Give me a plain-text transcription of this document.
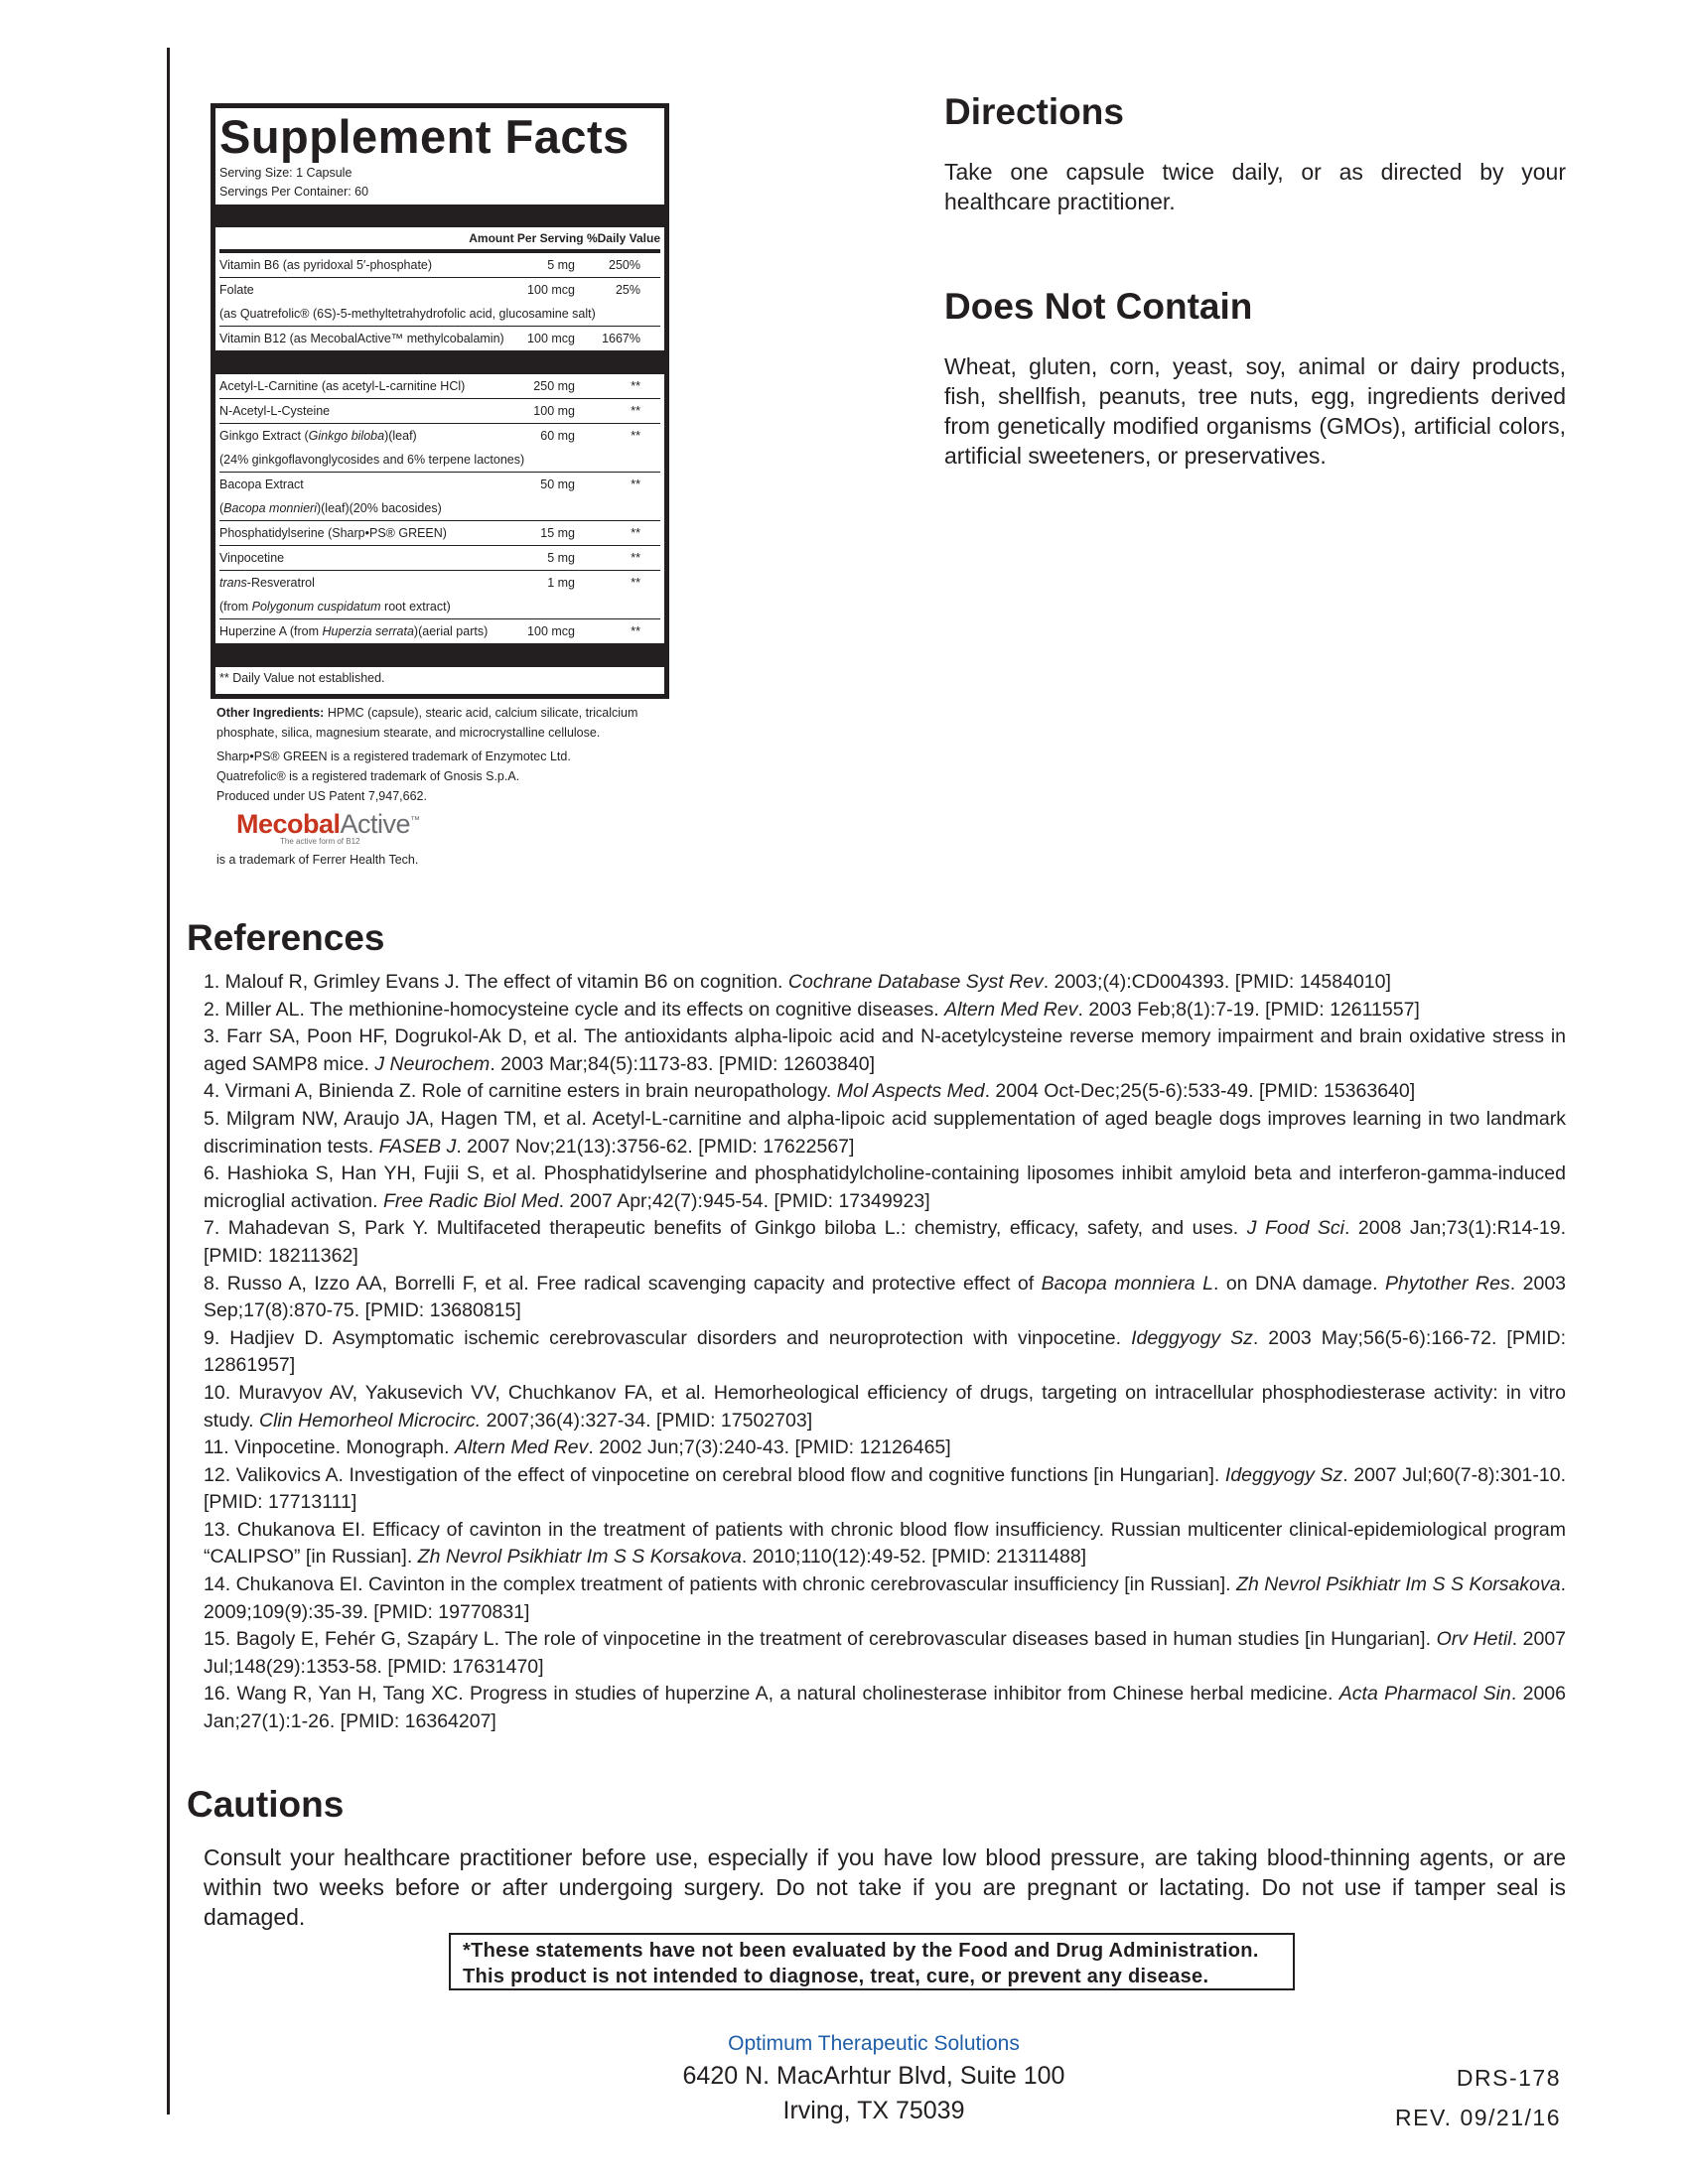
Supplement Facts
Serving Size: 1 Capsule
Servings Per Container: 60
Amount Per Serving %Daily Value
Vitamin B6 (as pyridoxal 5′-phosphate)	5 mg	250%
Folate	100 mcg	25%
(as Quatrefolic® (6S)-5-methyltetrahydrofolic acid, glucosamine salt)
Vitamin B12 (as MecobalActive™ methylcobalamin) 100 mcg 1667%
Acetyl-L-Carnitine (as acetyl-L-carnitine HCl)	250 mg	**
N-Acetyl-L-Cysteine	100 mg	**
Ginkgo Extract (Ginkgo biloba)(leaf)	60 mg	**
(24% ginkgoflavonglycosides and 6% terpene lactones)
Bacopa Extract	50 mg	**
(Bacopa monnieri)(leaf)(20% bacosides)
Phosphatidylserine (Sharp•PS® GREEN)	15 mg	**
Vinpocetine	5 mg	**
trans-Resveratrol	1 mg	**
(from Polygonum cuspidatum root extract)
Huperzine A (from Huperzia serrata)(aerial parts)	100 mcg	**
** Daily Value not established.
Other Ingredients: HPMC (capsule), stearic acid, calcium silicate, tricalcium phosphate, silica, magnesium stearate, and microcrystalline cellulose.
Sharp•PS® GREEN is a registered trademark of Enzymotec Ltd.
Quatrefolic® is a registered trademark of Gnosis S.p.A.
Produced under US Patent 7,947,662.
MecobalActive™
The active form of B12
is a trademark of Ferrer Health Tech.
Directions
Take one capsule twice daily, or as directed by your healthcare practitioner.
Does Not Contain
Wheat, gluten, corn, yeast, soy, animal or dairy products, fish, shellfish, peanuts, tree nuts, egg, ingredients derived from genetically modified organisms (GMOs), artificial colors, artificial sweeteners, or preservatives.
References
1. Malouf R, Grimley Evans J. The effect of vitamin B6 on cognition. Cochrane Database Syst Rev. 2003;(4):CD004393. [PMID: 14584010]
2. Miller AL. The methionine-homocysteine cycle and its effects on cognitive diseases. Altern Med Rev. 2003 Feb;8(1):7-19. [PMID: 12611557]
3. Farr SA, Poon HF, Dogrukol-Ak D, et al. The antioxidants alpha-lipoic acid and N-acetylcysteine reverse memory impairment and brain oxidative stress in aged SAMP8 mice. J Neurochem. 2003 Mar;84(5):1173-83. [PMID: 12603840]
4. Virmani A, Binienda Z. Role of carnitine esters in brain neuropathology. Mol Aspects Med. 2004 Oct-Dec;25(5-6):533-49. [PMID: 15363640]
5. Milgram NW, Araujo JA, Hagen TM, et al. Acetyl-L-carnitine and alpha-lipoic acid supplementation of aged beagle dogs improves learning in two landmark discrimination tests. FASEB J. 2007 Nov;21(13):3756-62. [PMID: 17622567]
6. Hashioka S, Han YH, Fujii S, et al. Phosphatidylserine and phosphatidylcholine-containing liposomes inhibit amyloid beta and interferon-gamma-induced microglial activation. Free Radic Biol Med. 2007 Apr;42(7):945-54. [PMID: 17349923]
7. Mahadevan S, Park Y. Multifaceted therapeutic benefits of Ginkgo biloba L.: chemistry, efficacy, safety, and uses. J Food Sci. 2008 Jan;73(1):R14-19. [PMID: 18211362]
8. Russo A, Izzo AA, Borrelli F, et al. Free radical scavenging capacity and protective effect of Bacopa monniera L. on DNA damage. Phytother Res. 2003 Sep;17(8):870-75. [PMID: 13680815]
9. Hadjiev D. Asymptomatic ischemic cerebrovascular disorders and neuroprotection with vinpocetine. Ideggyogy Sz. 2003 May;56(5-6):166-72. [PMID: 12861957]
10. Muravyov AV, Yakusevich VV, Chuchkanov FA, et al. Hemorheological efficiency of drugs, targeting on intracellular phosphodiesterase activity: in vitro study. Clin Hemorheol Microcirc. 2007;36(4):327-34. [PMID: 17502703]
11. Vinpocetine. Monograph. Altern Med Rev. 2002 Jun;7(3):240-43. [PMID: 12126465]
12. Valikovics A. Investigation of the effect of vinpocetine on cerebral blood flow and cognitive functions [in Hungarian]. Ideggyogy Sz. 2007 Jul;60(7-8):301-10. [PMID: 17713111]
13. Chukanova EI. Efficacy of cavinton in the treatment of patients with chronic blood flow insufficiency. Russian multicenter clinical-epidemiological program “CALIPSO” [in Russian]. Zh Nevrol Psikhiatr Im S S Korsakova. 2010;110(12):49-52. [PMID: 21311488]
14. Chukanova EI. Cavinton in the complex treatment of patients with chronic cerebrovascular insufficiency [in Russian]. Zh Nevrol Psikhiatr Im S S Korsakova. 2009;109(9):35-39. [PMID: 19770831]
15. Bagoly E, Fehér G, Szapáry L. The role of vinpocetine in the treatment of cerebrovascular diseases based in human studies [in Hungarian]. Orv Hetil. 2007 Jul;148(29):1353-58. [PMID: 17631470]
16. Wang R, Yan H, Tang XC. Progress in studies of huperzine A, a natural cholinesterase inhibitor from Chinese herbal medicine. Acta Pharmacol Sin. 2006 Jan;27(1):1-26. [PMID: 16364207]
Cautions
Consult your healthcare practitioner before use, especially if you have low blood pressure, are taking blood-thinning agents, or are within two weeks before or after undergoing surgery. Do not take if you are pregnant or lactating. Do not use if tamper seal is damaged.
*These statements have not been evaluated by the Food and Drug Administration.
This product is not intended to diagnose, treat, cure, or prevent any disease.
Optimum Therapeutic Solutions
6420 N. MacArhtur Blvd, Suite 100
Irving, TX 75039
DRS-178
REV. 09/21/16
